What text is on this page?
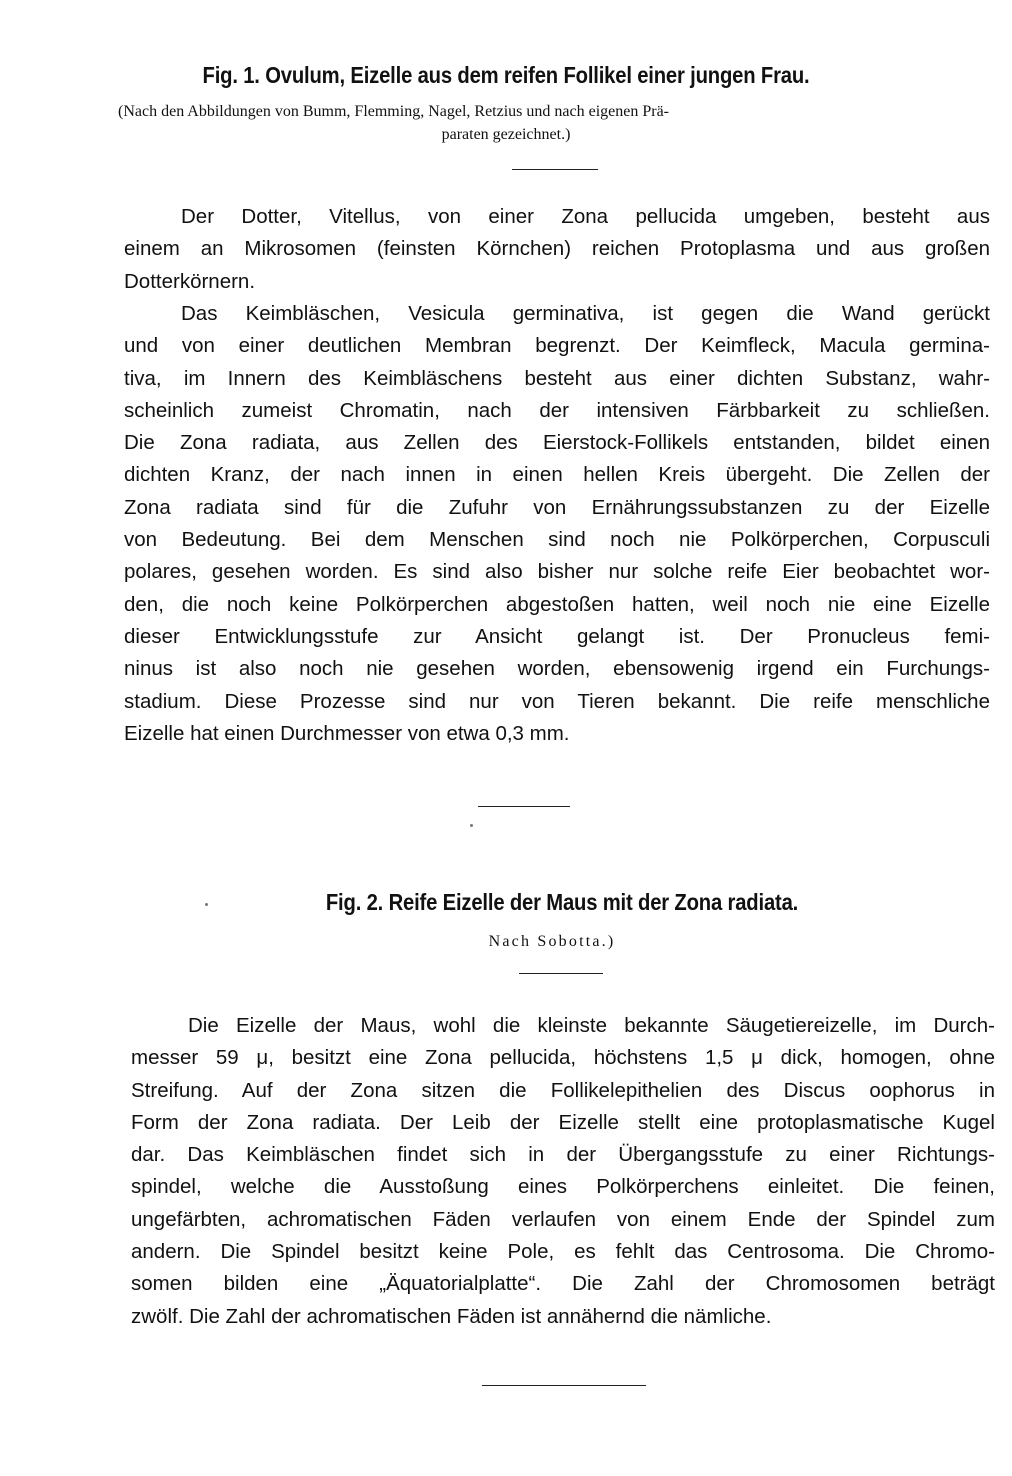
Fig. 1. Ovulum, Eizelle aus dem reifen Follikel einer jungen Frau.
(Nach den Abbildungen von Bumm, Flemming, Nagel, Retzius und nach eigenen Prä-
paraten gezeichnet.)
Der Dotter, Vitellus, von einer Zona pellucida umgeben, besteht aus
einem an Mikrosomen (feinsten Körnchen) reichen Protoplasma und aus großen
Dotterkörnern.
Das Keimbläschen, Vesicula germinativa, ist gegen die Wand gerückt
und von einer deutlichen Membran begrenzt. Der Keimfleck, Macula germina-
tiva, im Innern des Keimbläschens besteht aus einer dichten Substanz, wahr-
scheinlich zumeist Chromatin, nach der intensiven Färbbarkeit zu schließen.
Die Zona radiata, aus Zellen des Eierstock-Follikels entstanden, bildet einen
dichten Kranz, der nach innen in einen hellen Kreis übergeht. Die Zellen der
Zona radiata sind für die Zufuhr von Ernährungssubstanzen zu der Eizelle
von Bedeutung. Bei dem Menschen sind noch nie Polkörperchen, Corpusculi
polares, gesehen worden. Es sind also bisher nur solche reife Eier beobachtet wor-
den, die noch keine Polkörperchen abgestoßen hatten, weil noch nie eine Eizelle
dieser Entwicklungsstufe zur Ansicht gelangt ist. Der Pronucleus femi-
ninus ist also noch nie gesehen worden, ebensowenig irgend ein Furchungs-
stadium. Diese Prozesse sind nur von Tieren bekannt. Die reife menschliche
Eizelle hat einen Durchmesser von etwa 0,3 mm.
Fig. 2. Reife Eizelle der Maus mit der Zona radiata.
Nach Sobotta.)
Die Eizelle der Maus, wohl die kleinste bekannte Säugetiereizelle, im Durch-
messer 59 μ, besitzt eine Zona pellucida, höchstens 1,5 μ dick, homogen, ohne
Streifung. Auf der Zona sitzen die Follikelepithelien des Discus oophorus in
Form der Zona radiata. Der Leib der Eizelle stellt eine protoplasmatische Kugel
dar. Das Keimbläschen findet sich in der Übergangsstufe zu einer Richtungs-
spindel, welche die Ausstoßung eines Polkörperchens einleitet. Die feinen,
ungefärbten, achromatischen Fäden verlaufen von einem Ende der Spindel zum
andern. Die Spindel besitzt keine Pole, es fehlt das Centrosoma. Die Chromo-
somen bilden eine „Äquatorialplatte“. Die Zahl der Chromosomen beträgt
zwölf. Die Zahl der achromatischen Fäden ist annähernd die nämliche.
